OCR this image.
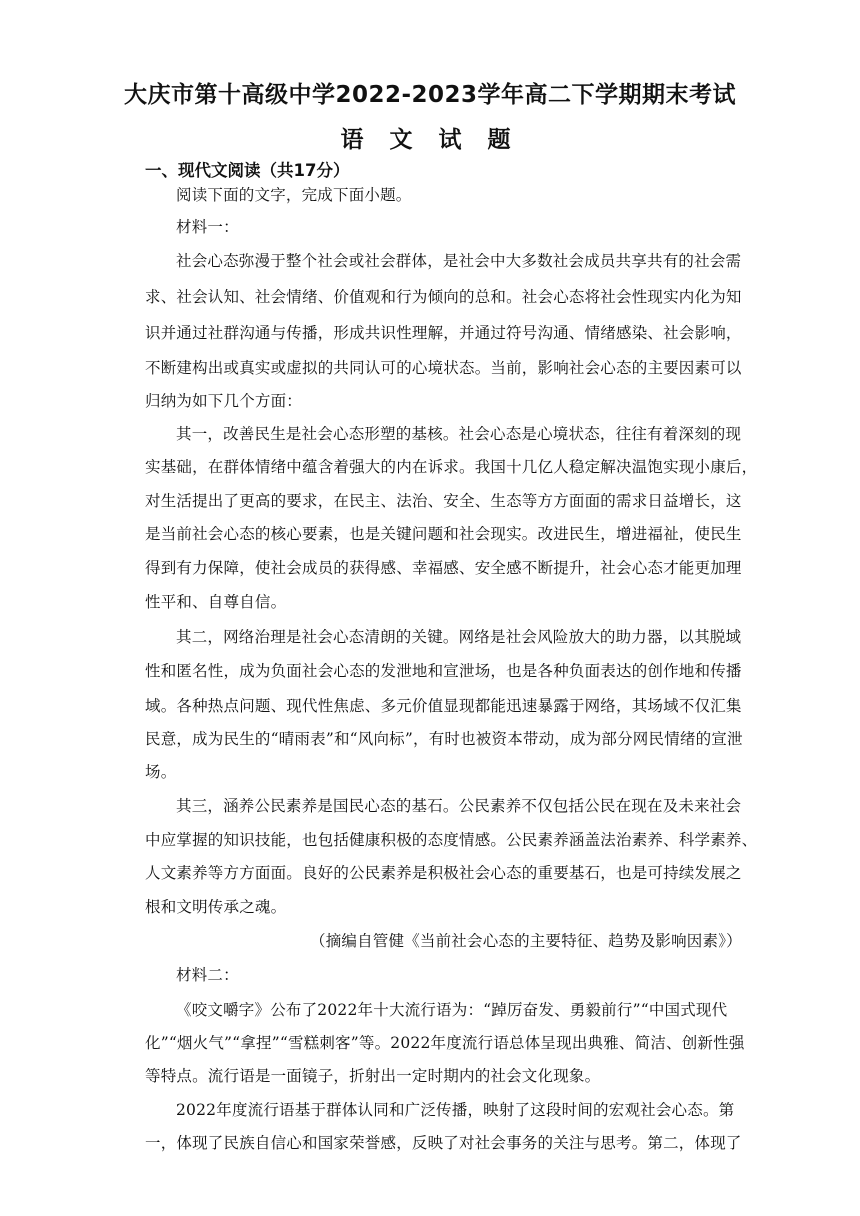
大庆市第十高级中学2022-2023学年高二下学期期末考试
语 文 试 题
一、现代文阅读（共17分）
阅读下面的文字，完成下面小题。
材料一：
社会心态弥漫于整个社会或社会群体，是社会中大多数社会成员共享共有的社会需
求、社会认知、社会情绪、价值观和行为倾向的总和。社会心态将社会性现实内化为知
识并通过社群沟通与传播，形成共识性理解，并通过符号沟通、情绪感染、社会影响，
不断建构出或真实或虚拟的共同认可的心境状态。当前，影响社会心态的主要因素可以
归纳为如下几个方面：
其一，改善民生是社会心态形塑的基核。社会心态是心境状态，往往有着深刻的现
实基础，在群体情绪中蕴含着强大的内在诉求。我国十几亿人稳定解决温饱实现小康后，
对生活提出了更高的要求，在民主、法治、安全、生态等方方面面的需求日益增长，这
是当前社会心态的核心要素，也是关键问题和社会现实。改进民生，增进福祉，使民生
得到有力保障，使社会成员的获得感、幸福感、安全感不断提升，社会心态才能更加理
性平和、自尊自信。
其二，网络治理是社会心态清朗的关键。网络是社会风险放大的助力器，以其脱域
性和匿名性，成为负面社会心态的发泄地和宣泄场，也是各种负面表达的创作地和传播
域。各种热点问题、现代性焦虑、多元价值显现都能迅速暴露于网络，其场域不仅汇集
民意，成为民生的“晴雨表”和“风向标”，有时也被资本带动，成为部分网民情绪的宣泄
场。
其三，涵养公民素养是国民心态的基石。公民素养不仅包括公民在现在及未来社会
中应掌握的知识技能，也包括健康积极的态度情感。公民素养涵盖法治素养、科学素养、
人文素养等方方面面。良好的公民素养是积极社会心态的重要基石，也是可持续发展之
根和文明传承之魂。
（摘编自管健《当前社会心态的主要特征、趋势及影响因素》）
材料二：
《咬文嚼字》公布了2022年十大流行语为：“踔厉奋发、勇毅前行”“中国式现代
化”“烟火气”“拿捏”“雪糕刺客”等。2022年度流行语总体呈现出典雅、简洁、创新性强
等特点。流行语是一面镜子，折射出一定时期内的社会文化现象。
2022年度流行语基于群体认同和广泛传播，映射了这段时间的宏观社会心态。第
一，体现了民族自信心和国家荣誉感，反映了对社会事务的关注与思考。第二，体现了
